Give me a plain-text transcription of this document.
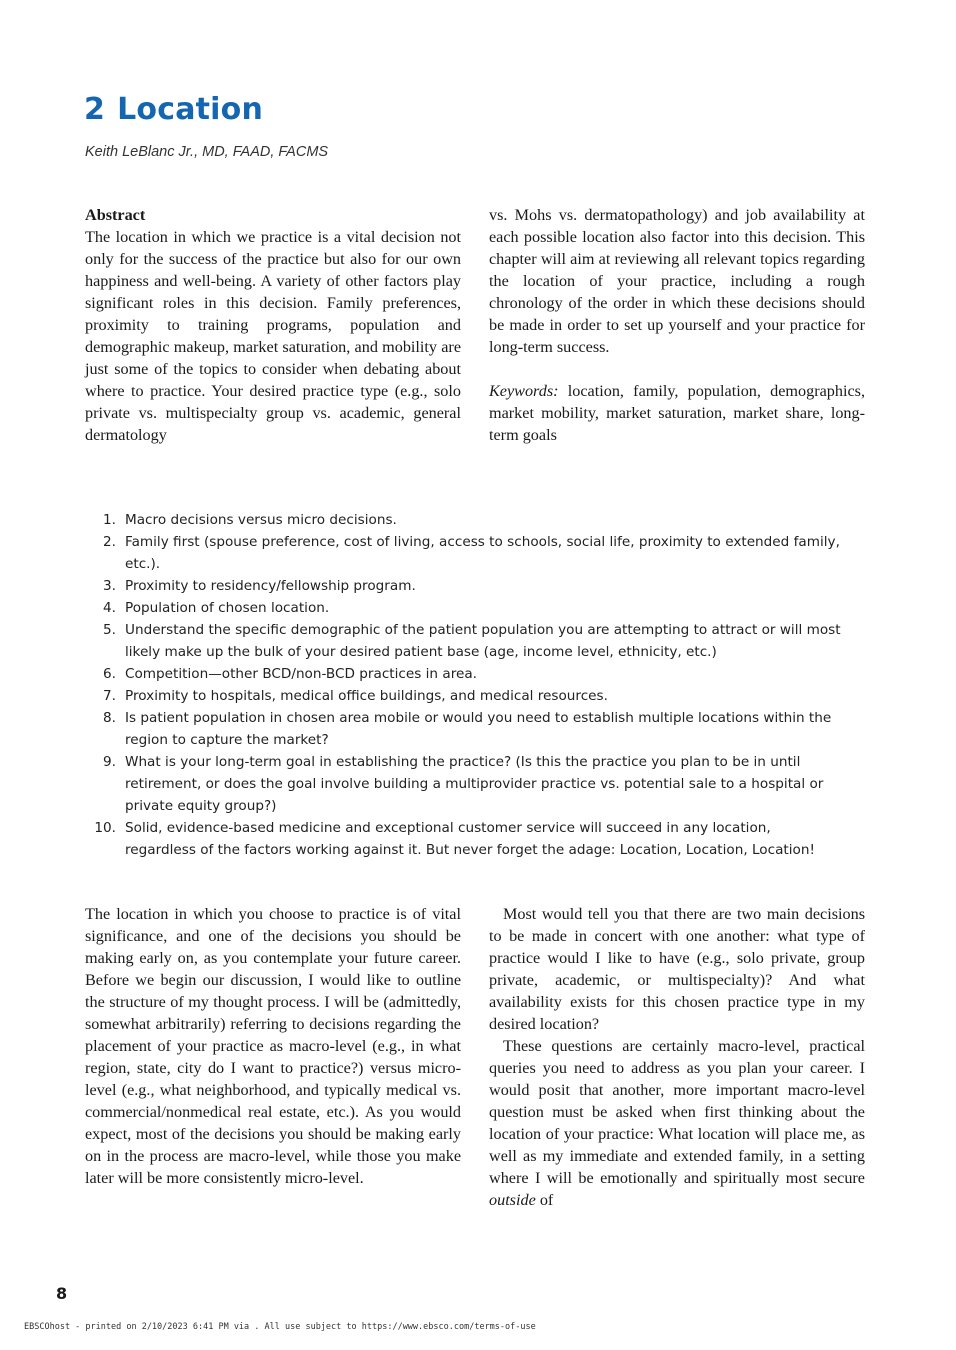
2 Location
Keith LeBlanc Jr., MD, FAAD, FACMS
Abstract

The location in which we practice is a vital decision not only for the success of the practice but also for our own happiness and well-being. A variety of other factors play significant roles in this decision. Family preferences, proximity to training programs, population and demographic makeup, market saturation, and mobility are just some of the topics to consider when debating about where to practice. Your desired practice type (e.g., solo private vs. multispecialty group vs. academic, general dermatology

vs. Mohs vs. dermatopathology) and job availability at each possible location also factor into this decision. This chapter will aim at reviewing all relevant topics regarding the location of your practice, including a rough chronology of the order in which these decisions should be made in order to set up yourself and your practice for long-term success.

Keywords: location, family, population, demographics, market mobility, market saturation, market share, long-term goals

1. Macro decisions versus micro decisions.
2. Family first (spouse preference, cost of living, access to schools, social life, proximity to extended family, etc.).
3. Proximity to residency/fellowship program.
4. Population of chosen location.
5. Understand the specific demographic of the patient population you are attempting to attract or will most likely make up the bulk of your desired patient base (age, income level, ethnicity, etc.)
6. Competition—other BCD/non-BCD practices in area.
7. Proximity to hospitals, medical office buildings, and medical resources.
8. Is patient population in chosen area mobile or would you need to establish multiple locations within the region to capture the market?
9. What is your long-term goal in establishing the practice? (Is this the practice you plan to be in until retirement, or does the goal involve building a multiprovider practice vs. potential sale to a hospital or private equity group?)
10. Solid, evidence-based medicine and exceptional customer service will succeed in any location, regardless of the factors working against it. But never forget the adage: Location, Location, Location!

The location in which you choose to practice is of vital significance, and one of the decisions you should be making early on, as you contemplate your future career. Before we begin our discussion, I would like to outline the structure of my thought process. I will be (admittedly, somewhat arbitrarily) referring to decisions regarding the placement of your practice as macro-level (e.g., in what region, state, city do I want to practice?) versus micro-level (e.g., what neighborhood, and typically medical vs. commercial/nonmedical real estate, etc.). As you would expect, most of the decisions you should be making early on in the process are macro-level, while those you make later will be more consistently micro-level.

Most would tell you that there are two main decisions to be made in concert with one another: what type of practice would I like to have (e.g., solo private, group private, academic, or multispecialty)? And what availability exists for this chosen practice type in my desired location?

These questions are certainly macro-level, practical queries you need to address as you plan your career. I would posit that another, more important macro-level question must be asked when first thinking about the location of your practice: What location will place me, as well as my immediate and extended family, in a setting where I will be emotionally and spiritually most secure outside of

8
EBSCOhost - printed on 2/10/2023 6:41 PM via . All use subject to https://www.ebsco.com/terms-of-use
